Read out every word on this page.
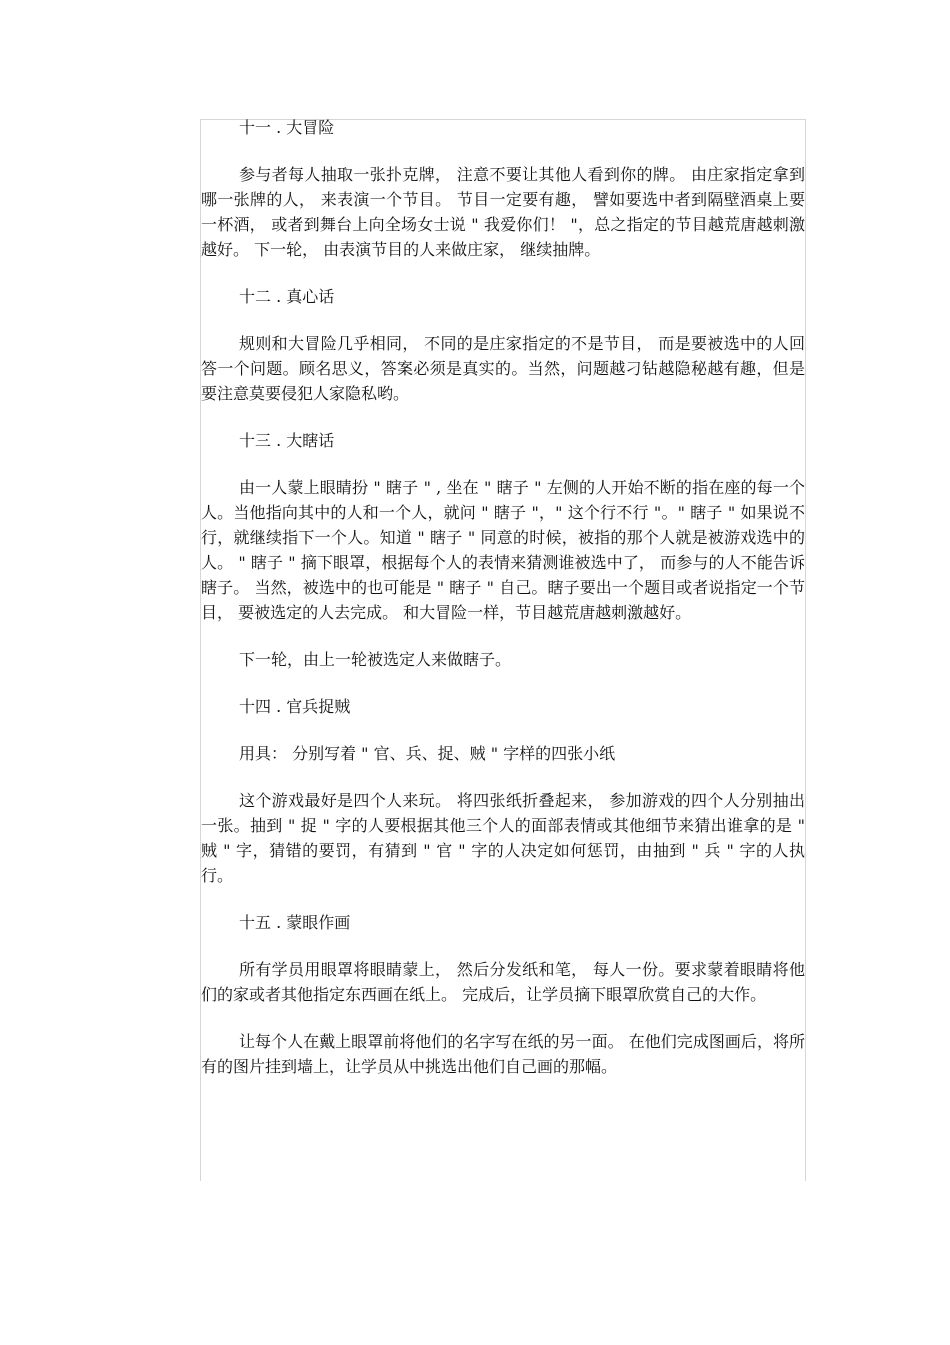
十一 . 大冒险

参与者每人抽取一张扑克牌， 注意不要让其他人看到你的牌。 由庄家指定拿到哪一张牌的人， 来表演一个节目。 节目一定要有趣， 譬如要选中者到隔壁酒桌上要一杯酒， 或者到舞台上向全场女士说 " 我爱你们！ "，总之指定的节目越荒唐越刺激越好。 下一轮， 由表演节目的人来做庄家， 继续抽牌。

十二 . 真心话

规则和大冒险几乎相同， 不同的是庄家指定的不是节目， 而是要被选中的人回答一个问题。顾名思义，答案必须是真实的。当然，问题越刁钻越隐秘越有趣，但是要注意莫要侵犯人家隐私哟。

十三 . 大瞎话

由一人蒙上眼睛扮 " 瞎子 " , 坐在 " 瞎子 " 左侧的人开始不断的指在座的每一个人。当他指向其中的人和一个人，就问 " 瞎子 "，" 这个行不行 "。" 瞎子 " 如果说不行，就继续指下一个人。知道 " 瞎子 " 同意的时候，被指的那个人就是被游戏选中的人。 " 瞎子 " 摘下眼罩，根据每个人的表情来猜测谁被选中了， 而参与的人不能告诉瞎子。 当然，被选中的也可能是 " 瞎子 " 自己。瞎子要出一个题目或者说指定一个节目， 要被选定的人去完成。 和大冒险一样，节目越荒唐越刺激越好。

下一轮，由上一轮被选定人来做瞎子。

十四 . 官兵捉贼

用具： 分别写着 " 官、兵、捉、贼 " 字样的四张小纸

这个游戏最好是四个人来玩。 将四张纸折叠起来， 参加游戏的四个人分别抽出一张。抽到 " 捉 " 字的人要根据其他三个人的面部表情或其他细节来猜出谁拿的是 " 贼 " 字，猜错的要罚，有猜到 " 官 " 字的人决定如何惩罚，由抽到 " 兵 " 字的人执行。

十五 . 蒙眼作画

所有学员用眼罩将眼睛蒙上， 然后分发纸和笔， 每人一份。要求蒙着眼睛将他们的家或者其他指定东西画在纸上。 完成后，让学员摘下眼罩欣赏自己的大作。

让每个人在戴上眼罩前将他们的名字写在纸的另一面。 在他们完成图画后，将所有的图片挂到墙上，让学员从中挑选出他们自己画的那幅。
